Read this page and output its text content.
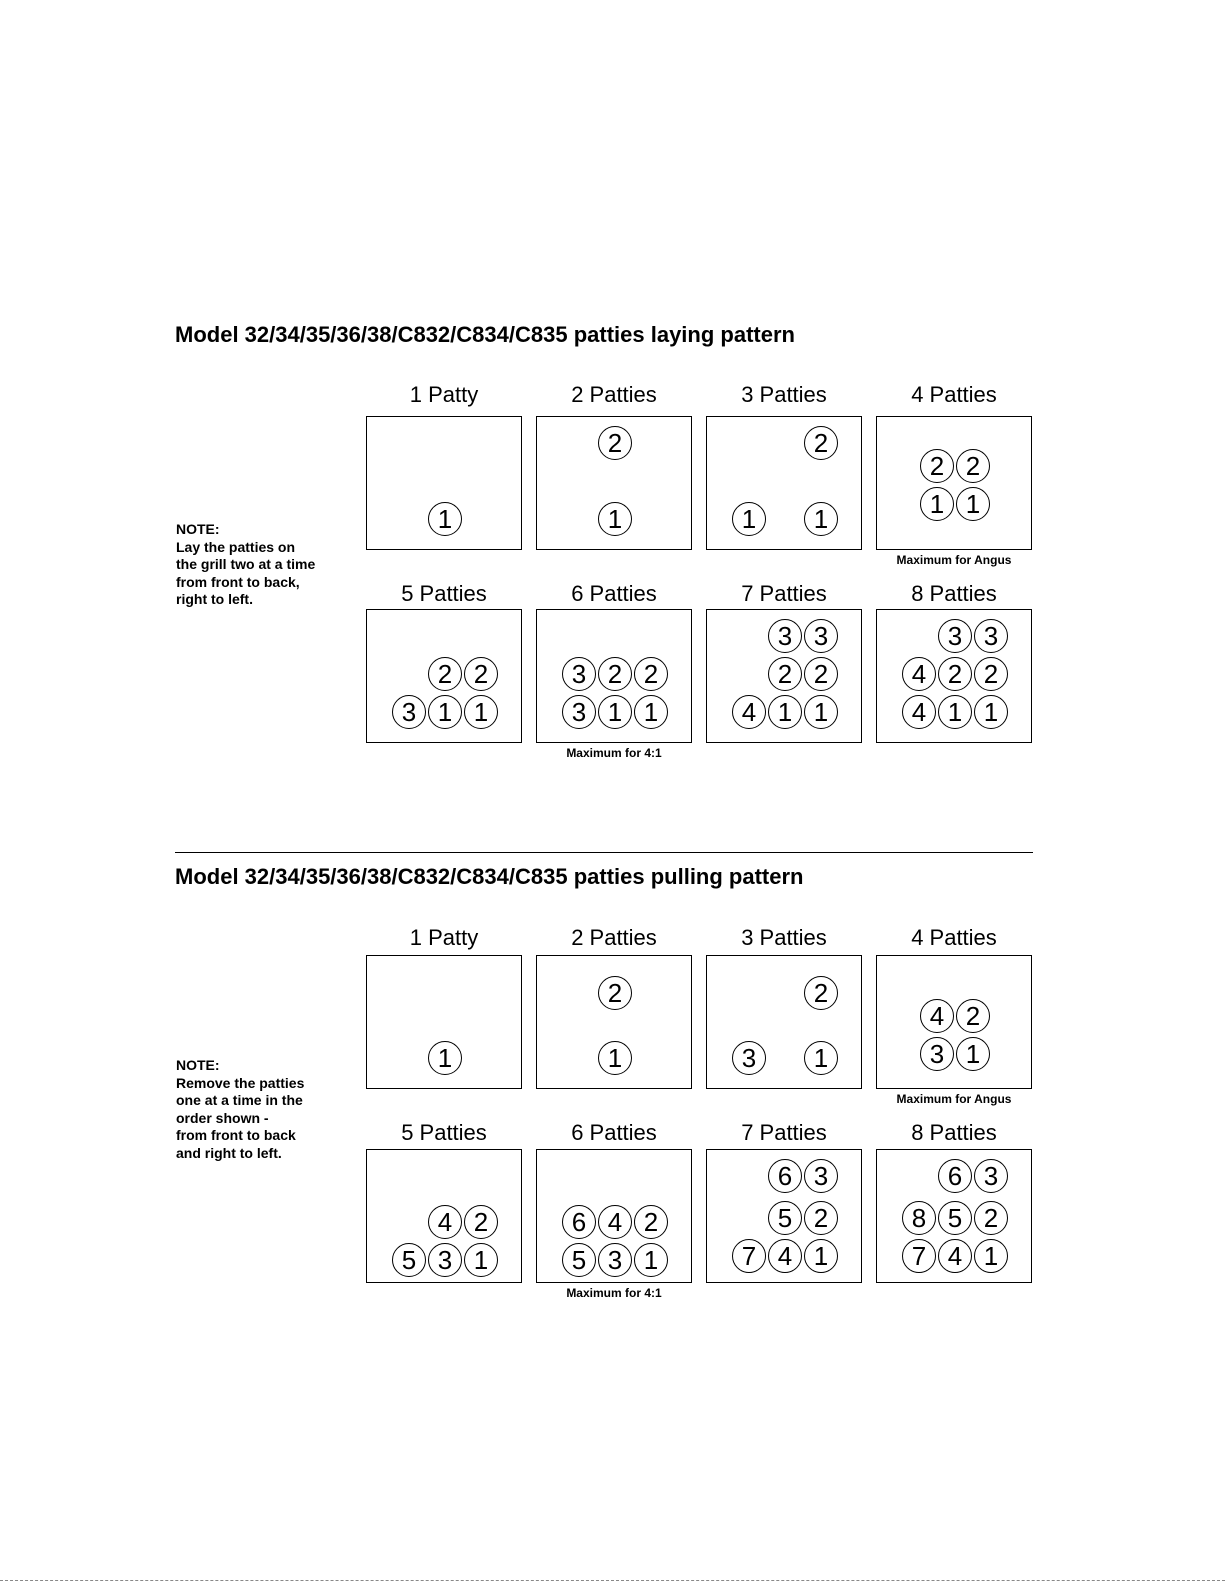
Model 32/34/35/36/38/C832/C834/C835 patties laying pattern
NOTE:
Lay the patties on
the grill two at a time
from front to back,
right to left.
1 Patty
1
2 Patties
2
1
3 Patties
2
1	1
4 Patties
2 2
1 1
Maximum for Angus
5 Patties
2 2
3 1 1
6 Patties
3 2 2
3 1 1
Maximum for 4:1
7 Patties
3 3
2 2
4 1 1
8 Patties
3 3
4 2 2
4 1 1
Model 32/34/35/36/38/C832/C834/C835 patties pulling pattern
NOTE:
Remove the patties
one at a time in the
order shown -
from front to back
and right to left.
1 Patty
1
2 Patties
2
1
3 Patties
2
3	1
4 Patties
4 2
3 1
Maximum for Angus
5 Patties
4 2
5 3 1
6 Patties
6 4 2
5 3 1
Maximum for 4:1
7 Patties
6 3
5 2
7 4 1
8 Patties
6 3
8 5 2
7 4 1
